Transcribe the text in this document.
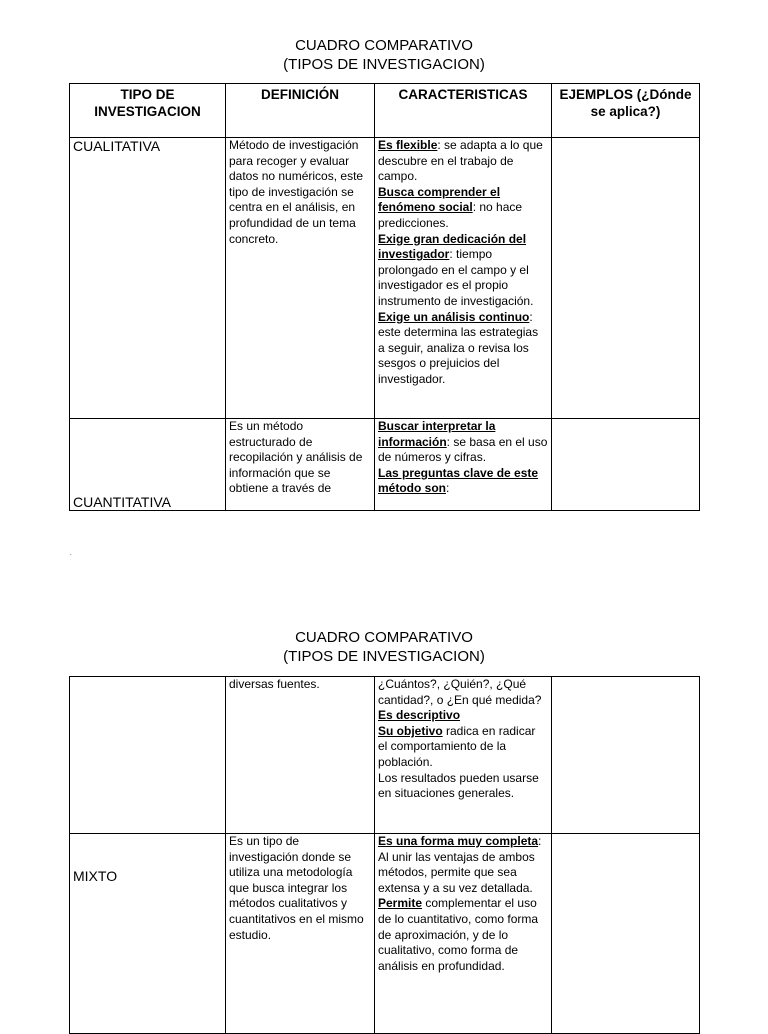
CUADRO COMPARATIVO
(TIPOS DE INVESTIGACION)
TIPO DE INVESTIGACION	DEFINICIÓN	CARACTERISTICAS	EJEMPLOS (¿Dónde se aplica?)
CUALITATIVA	Método de investigación para recoger y evaluar datos no numéricos, este tipo de investigación se centra en el análisis, en profundidad de un tema concreto.	Es flexible: se adapta a lo que descubre en el trabajo de campo.
Busca comprender el fenómeno social: no hace predicciones.
Exige gran dedicación del investigador: tiempo prolongado en el campo y el investigador es el propio instrumento de investigación.
Exige un análisis continuo: este determina las estrategias a seguir, analiza o revisa los sesgos o prejuicios del investigador.	
CUANTITATIVA	Es un método estructurado de recopilación y análisis de información que se obtiene a través de	Buscar interpretar la información: se basa en el uso de números y cifras.
Las preguntas clave de este método son:	
.
CUADRO COMPARATIVO
(TIPOS DE INVESTIGACION)
	diversas fuentes.	¿Cuántos?, ¿Quién?, ¿Qué cantidad?, o ¿En qué medida?
Es descriptivo
Su objetivo radica en radicar el comportamiento de la población.
Los resultados pueden usarse en situaciones generales.	
MIXTO	Es un tipo de investigación donde se utiliza una metodología que busca integrar los métodos cualitativos y cuantitativos en el mismo estudio.	Es una forma muy completa: Al unir las ventajas de ambos métodos, permite que sea extensa y a su vez detallada.
Permite complementar el uso de lo cuantitativo, como forma de aproximación, y de lo cualitativo, como forma de análisis en profundidad.	
